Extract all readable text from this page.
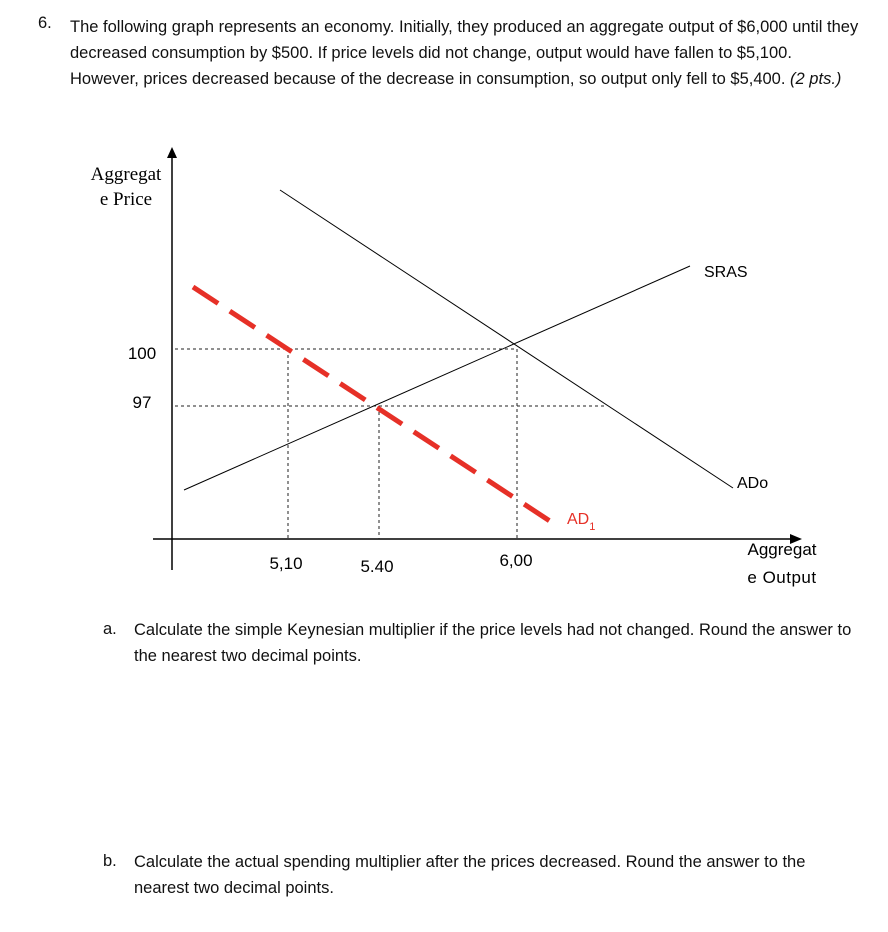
6. The following graph represents an economy. Initially, they produced an aggregate output of $6,000 until they decreased consumption by $500. If price levels did not change, output would have fallen to $5,100. However, prices decreased because of the decrease in consumption, so output only fell to $5,400. (2 pts.)
Aggregat
e Price
Aggregat
e Output
100
97
5,10	5.40	6,00
SRAS
ADo
$AD_1$
a. Calculate the simple Keynesian multiplier if the price levels had not changed. Round the answer to the nearest two decimal points.
b. Calculate the actual spending multiplier after the prices decreased. Round the answer to the nearest two decimal points.
